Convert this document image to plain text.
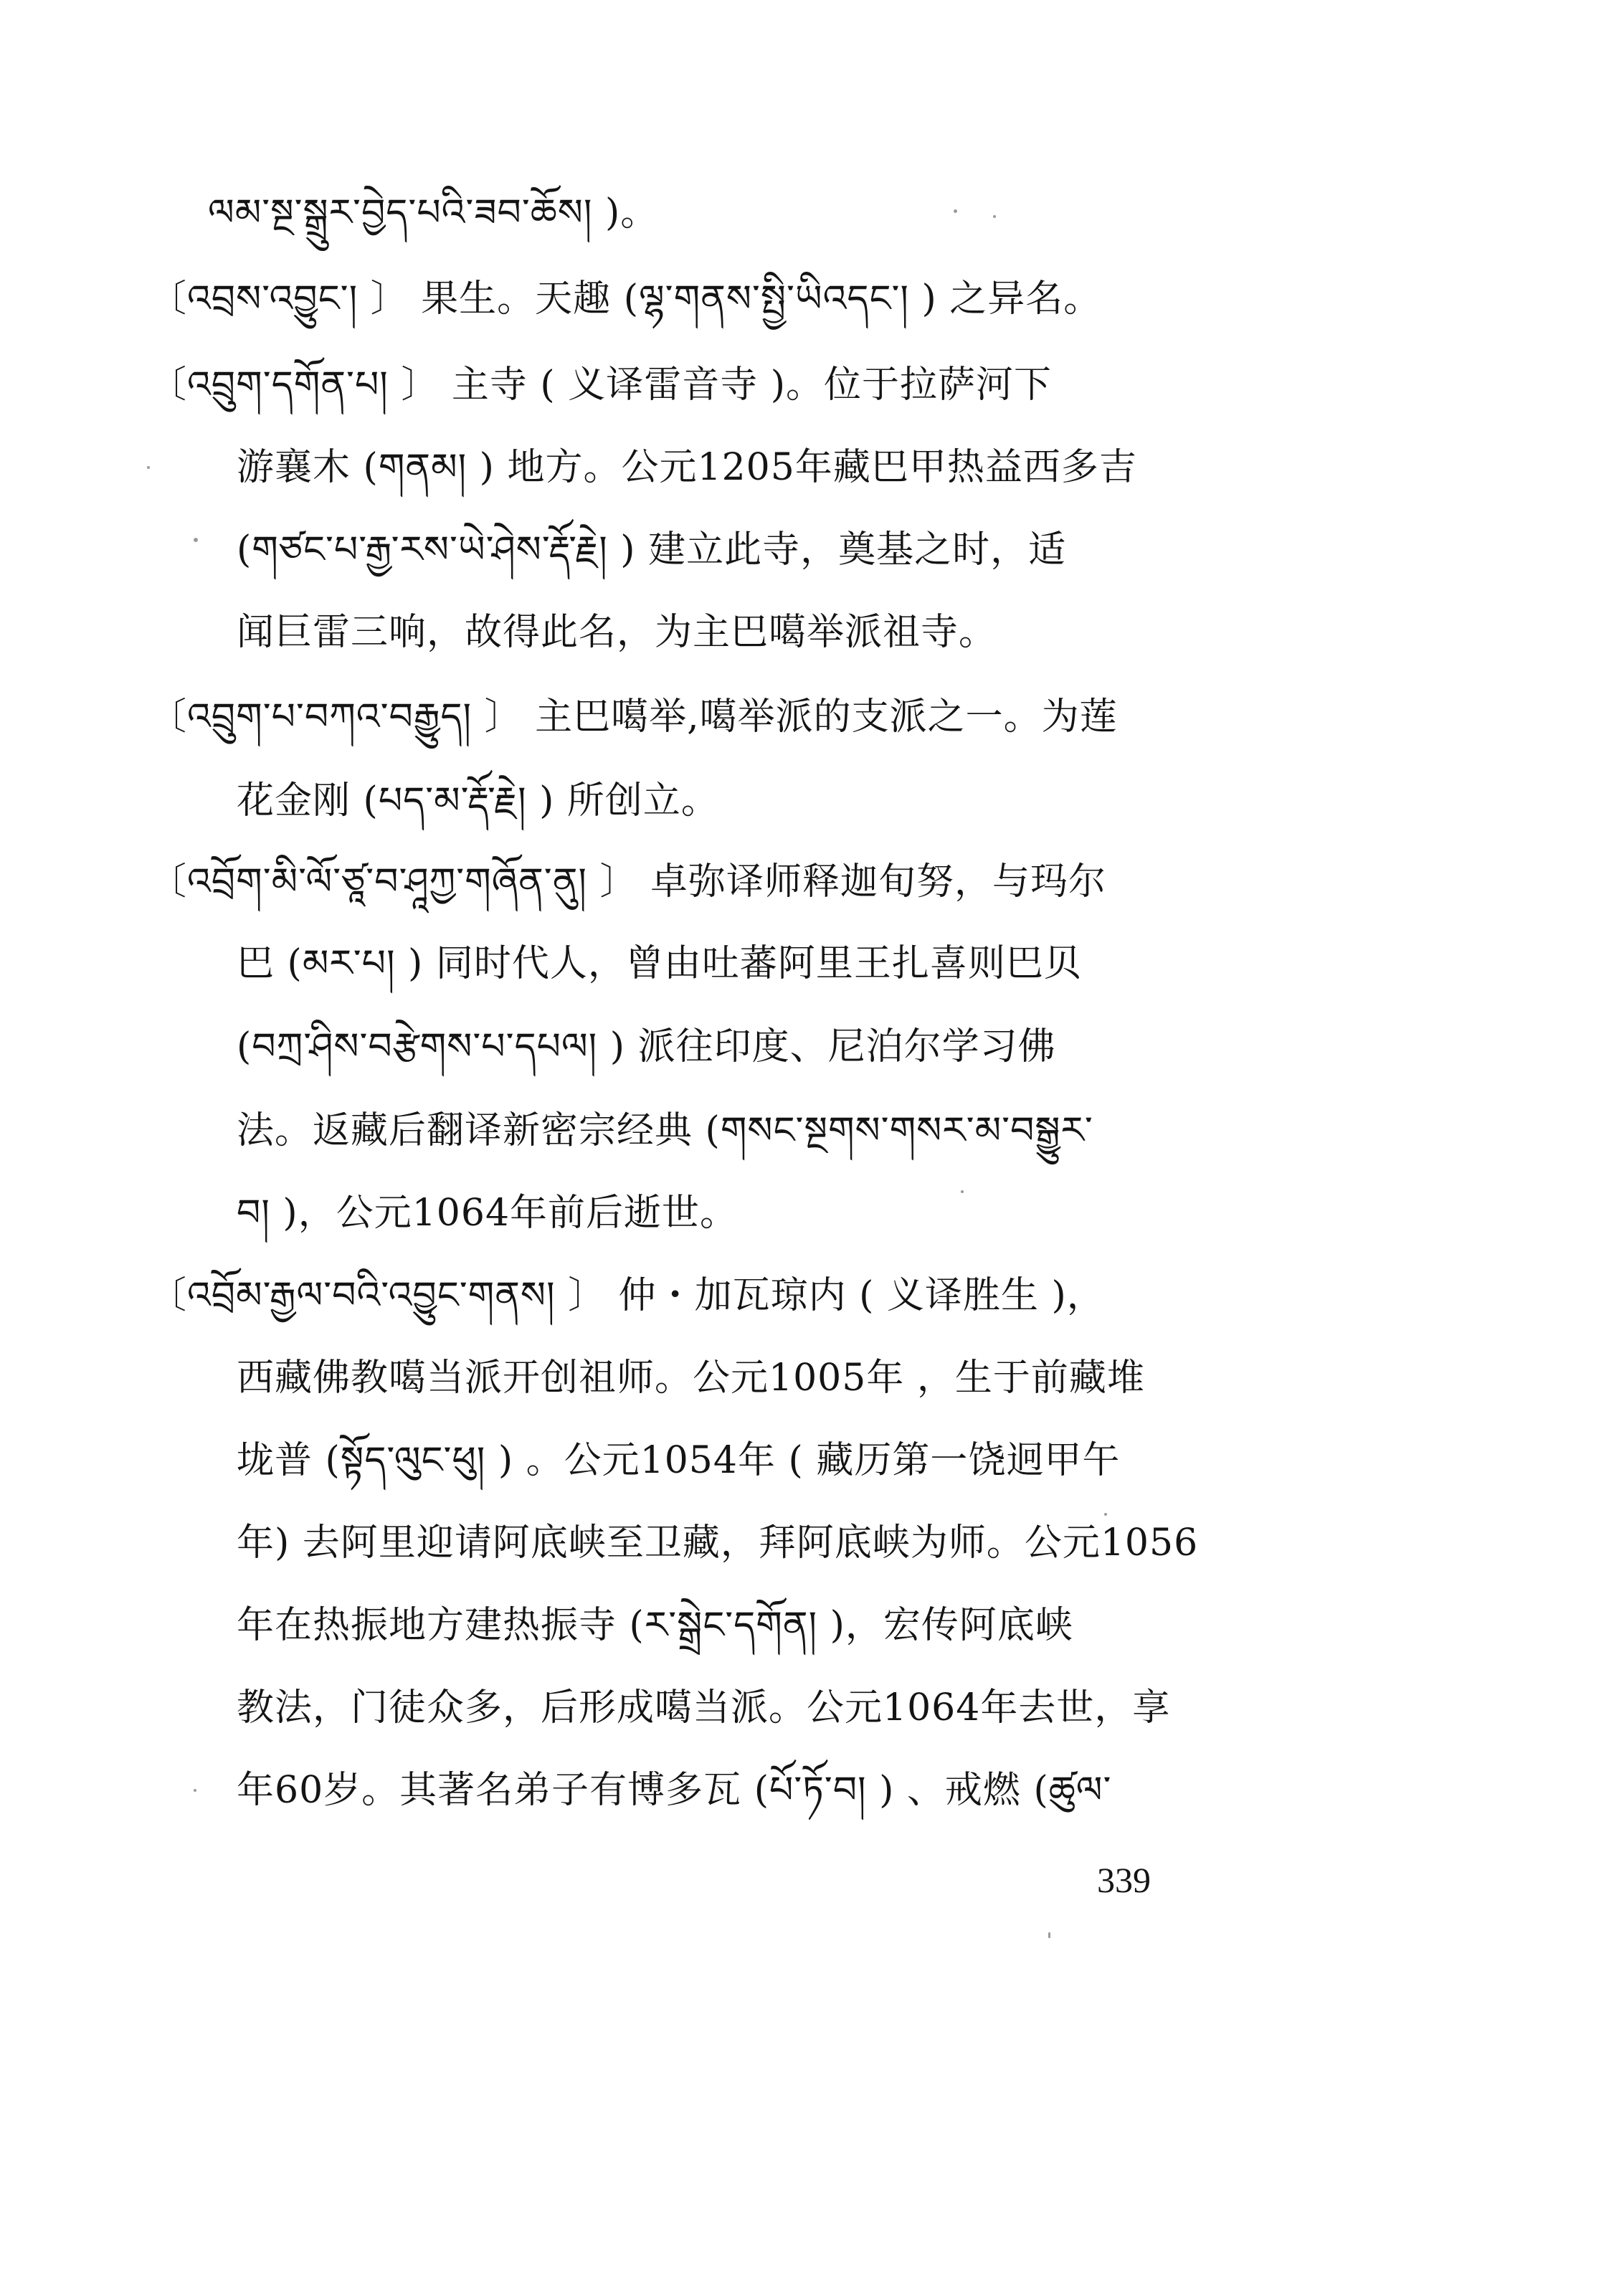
ལམ་སྔ་སྒྲུར་བྱེད་པའི་ཟབ་ཆོས། )。
〔འབྲས་འབྱུང་། 〕 果生。天趣 (ལྷ་གནས་སྤྱི་ཡིའདང་། ) 之异名。
〔འབྲུག་དགོན་པ། 〕 主寺 ( 义译雷音寺 )。位于拉萨河下
游襄木 (གནམ། ) 地方。公元1205年藏巴甲热益西多吉
(གཙང་པ་རྒྱ་རས་ཡེ་ཤེས་རྡོ་རྗེ། ) 建立此寺，奠基之时，适
闻巨雷三响，故得此名，为主巴噶举派祖寺。
〔འབྲུག་པ་བཀའ་བརྒྱུད། 〕 主巴噶举,噶举派的支派之一。为莲
花金刚 (པད་མ་རྡོ་རྗེ། ) 所创立。
〔འབྲོག་མི་ལོ་ཙཱ་བ་ཤཱཀྱ་གཞོན་ནུ། 〕 卓弥译师释迦旬努，与玛尔
巴 (མར་པ། ) 同时代人，曾由吐蕃阿里王扎喜则巴贝
(བཀྲ་ཤིས་བརྩེགས་པ་དཔལ། ) 派往印度、尼泊尔学习佛
法。返藏后翻译新密宗经典 (གསང་སྔགས་གསར་མ་བསྒྱུར་
བ། )，公元1064年前后逝世。
〔འབྲོམ་རྒྱལ་བའི་འབྱུང་གནས། 〕 仲・加瓦琼内 ( 义译胜生 )，
西藏佛教噶当派开创祖师。公元1005年 ，生于前藏堆
垅普 (སྟོད་ལུང་ཕུ། ) 。公元1054年 ( 藏历第一饶迥甲午
年) 去阿里迎请阿底峡至卫藏，拜阿底峡为师。公元1056
年在热振地方建热振寺 (ར་སྒྲེང་དགོན། )，宏传阿底峡
教法，门徒众多，后形成噶当派。公元1064年去世，享
年60岁。其著名弟子有博多瓦 (པོ་ཏོ་བ། ) 、戒燃 (ཚུལ་
339
